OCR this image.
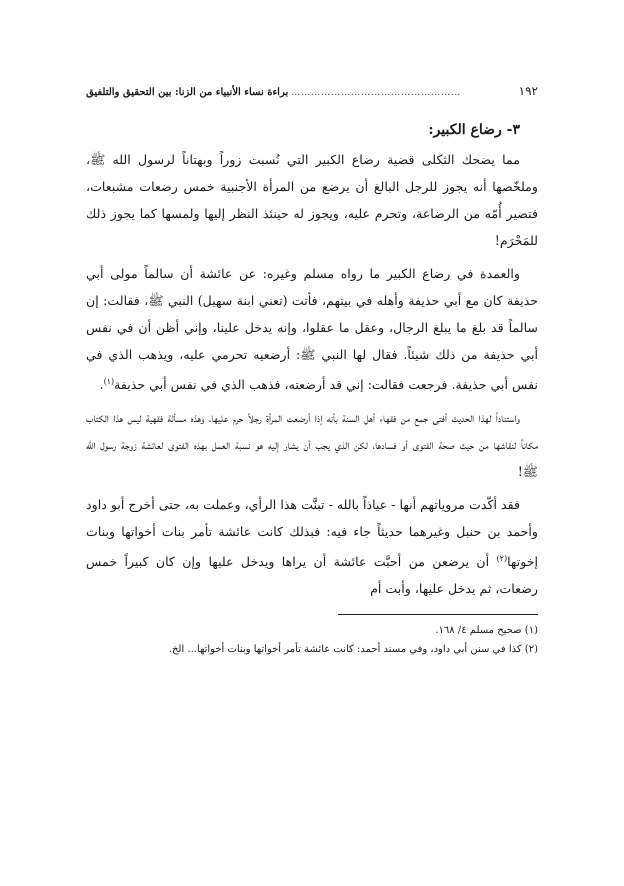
١٩٢
……………………………………………
براءة نساء الأنبياء من الزنا: بين التحقيق والتلفيق
٣- رضاع الكبير:

مما يضحك الثكلى قضية رضاع الكبير التي نُسبت زوراً وبهتاناً لرسول الله ﷺ، وملخّصها أنه يجوز للرجل البالغ أن يرضع من المرأة الأجنبية خمس رضعات مشبعات، فتصير أُمّه من الرضاعة، وتحرم عليه، ويجوز له حينئذ النظر إليها ولمسها كما يجوز ذلك للمَحْرَم!

والعمدة في رضاع الكبير ما رواه مسلم وغيره: عن عائشة أن سالماً مولى أبي حذيفة كان مع أبي حذيفة وأهله في بيتهم، فأتت (تعني ابنة سهيل) النبي ﷺ، فقالت: إن سالماً قد بلغ ما يبلغ الرجال، وعقل ما عقلوا، وإنه يدخل علينا، وإني أظن أن في نفس أبي حذيفة من ذلك شيئاً. فقال لها النبي ﷺ: أرضعيه تحرمي عليه، ويذهب الذي في نفس أبي حذيفة. فرجعت فقالت: إني قد أرضعته، فذهب الذي في نفس أبي حذيفة$^{(١)}$.

واستناداً لهذا الحديث أفتى جمع من فقهاء أهل السنة بأنه إذا أرضعت المرأة رجلاً حرم عليها، وهذه مسألة فقهية ليس هذا الكتاب مكاناً لنقاشها من حيث صحة الفتوى أو فسادها، لكن الذي يجب أن يشار إليه هو نسبة العمل بهذه الفتوى لعائشة زوجة رسول الله ﷺ!

فقد أكّدت مروياتهم أنها - عياذاً بالله - تبنَّت هذا الرأي، وعملت به، حتى أخرج أبو داود وأحمد بن حنبل وغيرهما حديثاً جاء فيه: فبذلك كانت عائشة تأمر بنات أخواتها وبنات إخوتها$^{(٢)}$ أن يرضعن من أحبَّت عائشة أن يراها ويدخل عليها وإن كان كبيراً خمس رضعات، ثم يدخل عليها، وأبت أم

(١) صحيح مسلم ٤/ ١٦٨.
(٢) كذا في سنن أبي داود، وفي مسند أحمد: كانت عائشة تأمر أخواتها وبنات أخواتها... الخ.
